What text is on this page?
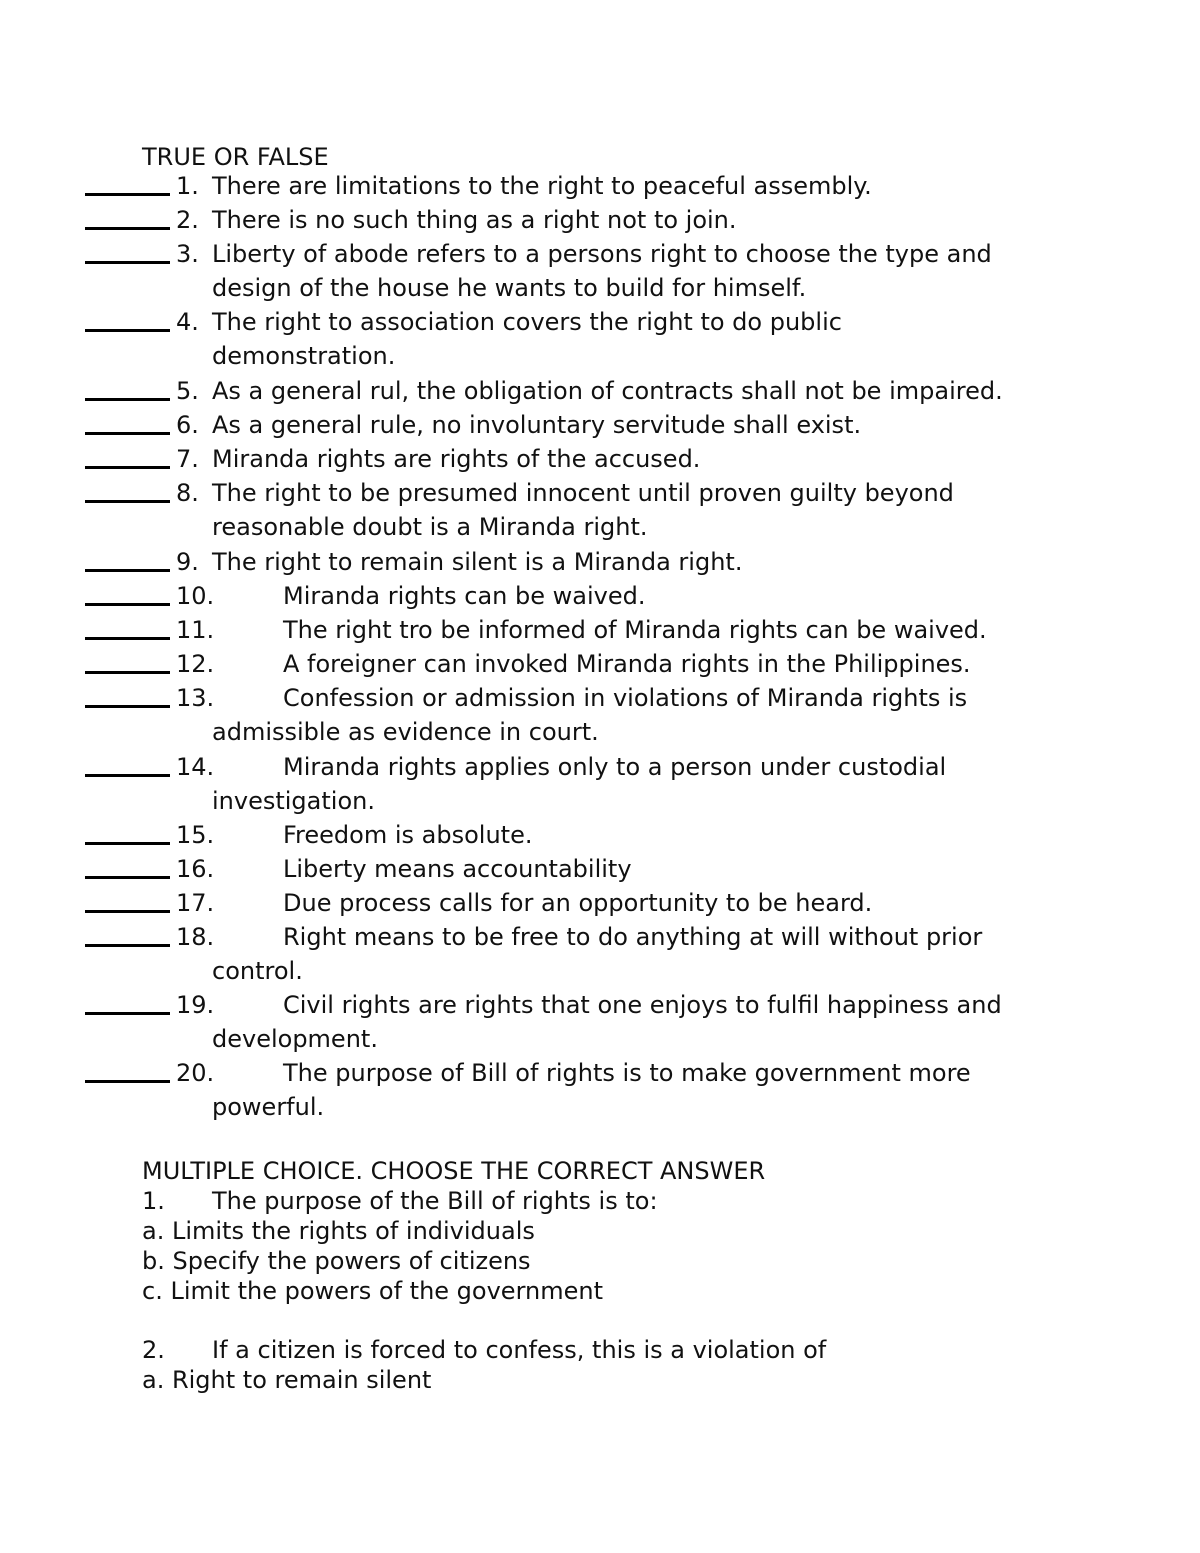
TRUE OR FALSE
1. There are limitations to the right to peaceful assembly.
2. There is no such thing as a right not to join.
3. Liberty of abode refers to a persons right to choose the type and
design of the house he wants to build for himself.
4. The right to association covers the right to do public
demonstration.
5. As a general rul, the obligation of contracts shall not be impaired.
6. As a general rule, no involuntary servitude shall exist.
7. Miranda rights are rights of the accused.
8. The right to be presumed innocent until proven guilty beyond
reasonable doubt is a Miranda right.
9. The right to remain silent is a Miranda right.
10.	Miranda rights can be waived.
11.	The right tro be informed of Miranda rights can be waived.
12.	A foreigner can invoked Miranda rights in the Philippines.
13.	Confession or admission in violations of Miranda rights is
admissible as evidence in court.
14.	Miranda rights applies only to a person under custodial
investigation.
15.	Freedom is absolute.
16.	Liberty means accountability
17.	Due process calls for an opportunity to be heard.
18.	Right means to be free to do anything at will without prior
control.
19.	Civil rights are rights that one enjoys to fulfil happiness and
development.
20.	The purpose of Bill of rights is to make government more
powerful.
MULTIPLE CHOICE. CHOOSE THE CORRECT ANSWER
1. The purpose of the Bill of rights is to:
a. Limits the rights of individuals
b. Specify the powers of citizens
c. Limit the powers of the government
2. If a citizen is forced to confess, this is a violation of
a. Right to remain silent
